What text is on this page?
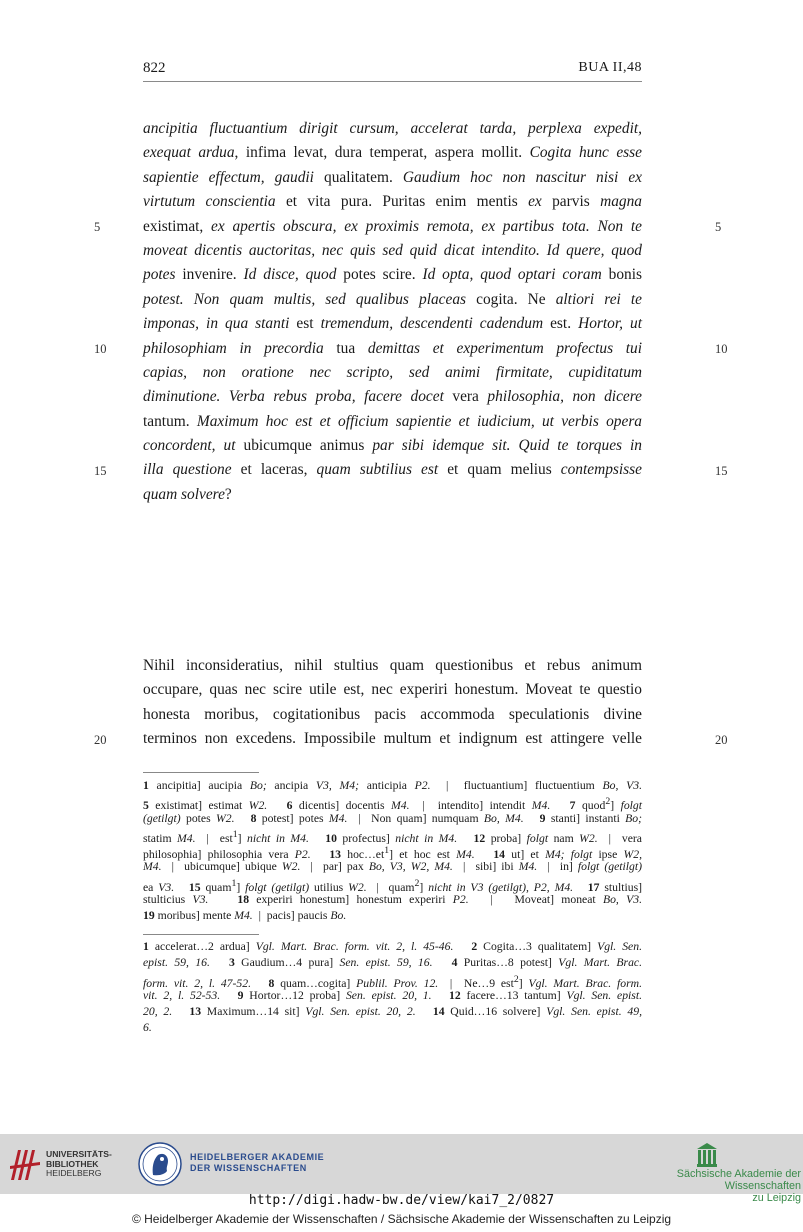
822	BUA II,48
ancipitia fluctuantium dirigit cursum, accelerat tarda, perplexa expedit,
exequat ardua, infima levat, dura temperat, aspera mollit. Cogita hunc esse
sapientie effectum, gaudii qualitatem. Gaudium hoc non nascitur nisi ex
virtutum conscientia et vita pura. Puritas enim mentis ex parvis magna
existimat, ex apertis obscura, ex proximis remota, ex partibus tota. Non te
moveat dicentis auctoritas, nec quis sed quid dicat intendito. Id quere, quod
potes invenire. Id disce, quod potes scire. Id opta, quod optari coram bonis
potest. Non quam multis, sed qualibus placeas cogita. Ne altiori rei te
imponas, in qua stanti est tremendum, descendenti cadendum est. Hortor, ut
philosophiam in precordia tua demittas et experimentum profectus tui
capias, non oratione nec scripto, sed animi firmitate, cupiditatum
diminutione. Verba rebus proba, facere docet vera philosophia, non dicere
tantum. Maximum hoc est et officium sapientie et iudicium, ut verbis opera
concordent, ut ubicumque animus par sibi idemque sit. Quid te torques in
illa questione et laceras, quam subtilius est et quam melius contempsisse
quam solvere?
Nihil inconsideratius, nihil stultius quam questionibus et rebus animum
occupare, quas nec scire utile est, nec experiri honestum. Moveat te questio
honesta moribus, cogitationibus pacis accommoda speculationis divine
terminos non excedens. Impossibile multum et indignum est attingere velle
5	5
10	10
15	15
20	20
1 ancipitia] aucipia Bo; ancipia V3, M4; anticipia P2.  |  fluctuantium] fluctuentium Bo, V3.
5 existimat] estimat W2. 6 dicentis] docentis M4.  |  intendito] intendit M4. 7 quod$^2$] folgt
(getilgt) potes W2. 8 potest] potes M4.  |  Non quam] numquam Bo, M4. 9 stanti] instanti Bo;
statim M4.  |  est$^1$] nicht in M4. 10 profectus] nicht in M4. 12 proba] folgt nam W2.  |  vera
philosophia] philosophia vera P2. 13 $hoc\dots et^1$] et hoc est M4. 14 ut] et M4; folgt ipse W2,
M4.  |  ubicumque] ubique W2.  |  par] pax Bo, V3, W2, M4.  |  sibi] ibi M4.  |  in] folgt (getilgt)
ea V3. 15 quam$^1$] folgt (getilgt) utilius W2.  |  quam$^2$] nicht in V3 (getilgt), P2, M4. 17 stultius]
stulticius V3. 18 experiri honestum] honestum experiri P2.   |   Moveat] moneat Bo, V3.
19 moribus] mente M4.  |  pacis] paucis Bo.
1 accelerat…2 ardua] Vgl. Mart. Brac. form. vit. 2, l. 45-46. 2 Cogita…3 qualitatem] Vgl. Sen.
epist. 59, 16. 3 Gaudium…4 pura] Sen. epist. 59, 16. 4 Puritas…8 potest] Vgl. Mart. Brac.
form. vit. 2, l. 47-52. 8 quam…cogita] Publil. Prov. 12.  |  Ne…9 est$^2$] Vgl. Mart. Brac. form.
vit. 2, l. 52-53. 9 Hortor…12 proba] Sen. epist. 20, 1. 12 facere…13 tantum] Vgl. Sen. epist.
20, 2. 13 Maximum…14 sit] Vgl. Sen. epist. 20, 2. 14 Quid…16 solvere] Vgl. Sen. epist. 49,
6.
UNIVERSITÄTS-
BIBLIOTHEK
HEIDELBERG
HEIDELBERGER AKADEMIE
DER WISSENSCHAFTEN	Sächsische Akademie der Wissenschaften
zu Leipzig
http://digi.hadw-bw.de/view/kai7_2/0827
© Heidelberger Akademie der Wissenschaften / Sächsische Akademie der Wissenschaften zu Leipzig
